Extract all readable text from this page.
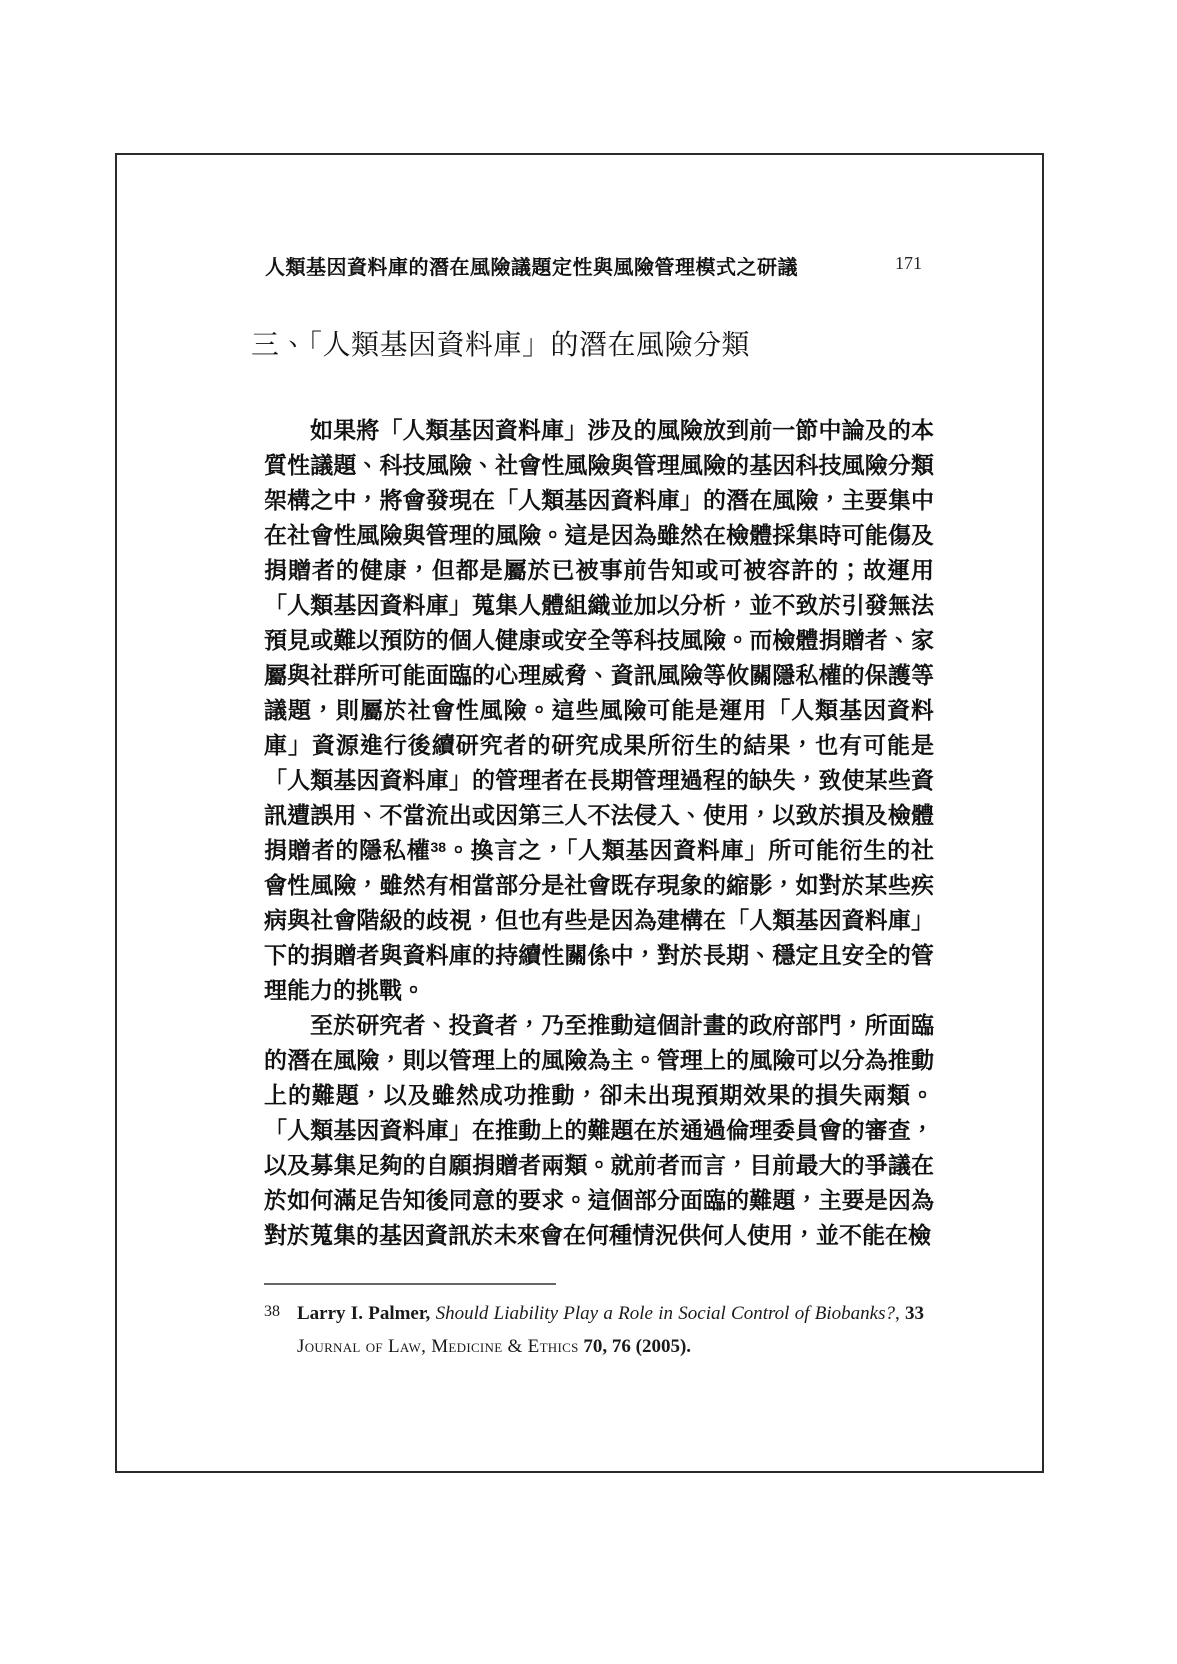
人類基因資料庫的潛在風險議題定性與風險管理模式之研議	171
三、「人類基因資料庫」的潛在風險分類

如果將「人類基因資料庫」涉及的風險放到前一節中論及的本質性議題、科技風險、社會性風險與管理風險的基因科技風險分類架構之中，將會發現在「人類基因資料庫」的潛在風險，主要集中在社會性風險與管理的風險。這是因為雖然在檢體採集時可能傷及捐贈者的健康，但都是屬於已被事前告知或可被容許的；故運用「人類基因資料庫」蒐集人體組織並加以分析，並不致於引發無法預見或難以預防的個人健康或安全等科技風險。而檢體捐贈者、家屬與社群所可能面臨的心理威脅、資訊風險等攸關隱私權的保護等議題，則屬於社會性風險。這些風險可能是運用「人類基因資料庫」資源進行後續研究者的研究成果所衍生的結果，也有可能是「人類基因資料庫」的管理者在長期管理過程的缺失，致使某些資訊遭誤用、不當流出或因第三人不法侵入、使用，以致於損及檢體捐贈者的隱私權$^{38}$。換言之，「人類基因資料庫」所可能衍生的社會性風險，雖然有相當部分是社會既存現象的縮影，如對於某些疾病與社會階級的歧視，但也有些是因為建構在「人類基因資料庫」下的捐贈者與資料庫的持續性關係中，對於長期、穩定且安全的管理能力的挑戰。

至於研究者、投資者，乃至推動這個計畫的政府部門，所面臨的潛在風險，則以管理上的風險為主。管理上的風險可以分為推動上的難題，以及雖然成功推動，卻未出現預期效果的損失兩類。「人類基因資料庫」在推動上的難題在於通過倫理委員會的審查，以及募集足夠的自願捐贈者兩類。就前者而言，目前最大的爭議在於如何滿足告知後同意的要求。這個部分面臨的難題，主要是因為對於蒐集的基因資訊於未來會在何種情況供何人使用，並不能在檢

38 Larry I. Palmer, Should Liability Play a Role in Social Control of Biobanks?, 33 Journal of Law, Medicine & Ethics 70, 76 (2005).
